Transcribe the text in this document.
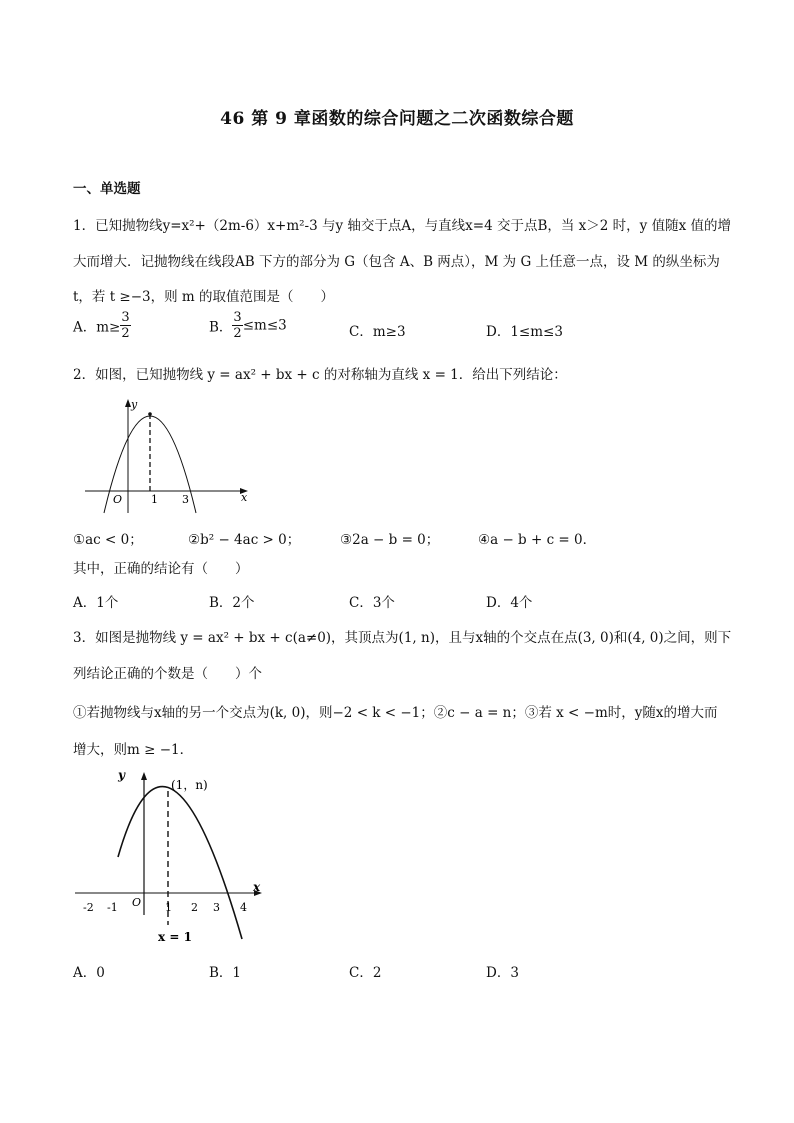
46 第 9 章函数的综合问题之二次函数综合题
一、单选题
1．已知抛物线y=x²+（2m-6）x+m²-3 与y 轴交于点A，与直线x=4 交于点B，当 x＞2 时，y 值随x 值的增
大而增大．记抛物线在线段AB 下方的部分为 G（包含 A、B 两点），M 为 G 上任意一点，设 M 的纵坐标为
t，若 t ≥−3，则 m 的取值范围是（　　）
A．$m\ge \frac{3}{2}$	B． $\frac{3}{2} \le m\le 3$	C．m≥3	D．1≤m≤3
2．如图，已知抛物线 y = ax² + bx + c 的对称轴为直线 x = 1．给出下列结论：
y
x
O	1 3
①ac < 0；	②b² − 4ac > 0；	③2a − b = 0；	④a − b + c = 0．
其中，正确的结论有（　　）
A．1个	B．2个	C．3个	D．4个
3．如图是抛物线 y = ax² + bx + c(a≠0)，其顶点为(1, n)，且与x轴的个交点在点(3, 0)和(4, 0)之间，则下
列结论正确的个数是（　　）个
①若抛物线与x轴的另一个交点为(k, 0)，则−2 < k < −1；②c − a = n；③若 x < −m时，y随x的增大而
增大，则m ≥ −1．
y
x
(1，n)
O
-2 -1	1 2 3 4
x = 1
A．0	B．1	C．2	D．3
